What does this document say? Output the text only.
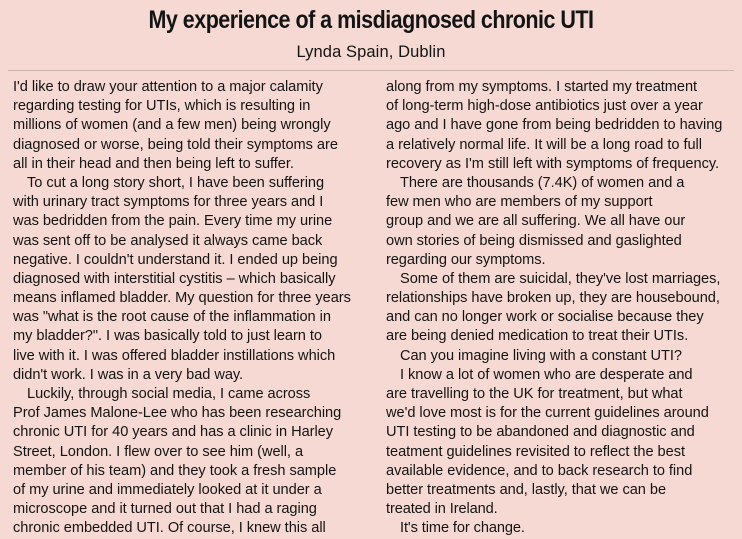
My experience of a misdiagnosed chronic UTI
Lynda Spain, Dublin
I'd like to draw your attention to a major calamity
regarding testing for UTIs, which is resulting in
millions of women (and a few men) being wrongly
diagnosed or worse, being told their symptoms are
all in their head and then being left to suffer.
To cut a long story short, I have been suffering
with urinary tract symptoms for three years and I
was bedridden from the pain. Every time my urine
was sent off to be analysed it always came back
negative. I couldn't understand it. I ended up being
diagnosed with interstitial cystitis – which basically
means inflamed bladder. My question for three years
was "what is the root cause of the inflammation in
my bladder?". I was basically told to just learn to
live with it. I was offered bladder instillations which
didn't work. I was in a very bad way.
Luckily, through social media, I came across
Prof James Malone-Lee who has been researching
chronic UTI for 40 years and has a clinic in Harley
Street, London. I flew over to see him (well, a
member of his team) and they took a fresh sample
of my urine and immediately looked at it under a
microscope and it turned out that I had a raging
chronic embedded UTI. Of course, I knew this all
along from my symptoms. I started my treatment
of long-term high-dose antibiotics just over a year
ago and I have gone from being bedridden to having
a relatively normal life. It will be a long road to full
recovery as I'm still left with symptoms of frequency.
There are thousands (7.4K) of women and a
few men who are members of my support
group and we are all suffering. We all have our
own stories of being dismissed and gaslighted
regarding our symptoms.
Some of them are suicidal, they've lost marriages,
relationships have broken up, they are housebound,
and can no longer work or socialise because they
are being denied medication to treat their UTIs.
Can you imagine living with a constant UTI?
I know a lot of women who are desperate and
are travelling to the UK for treatment, but what
we'd love most is for the current guidelines around
UTI testing to be abandoned and diagnostic and
teatment guidelines revisited to reflect the best
available evidence, and to back research to find
better treatments and, lastly, that we can be
treated in Ireland.
It's time for change.
